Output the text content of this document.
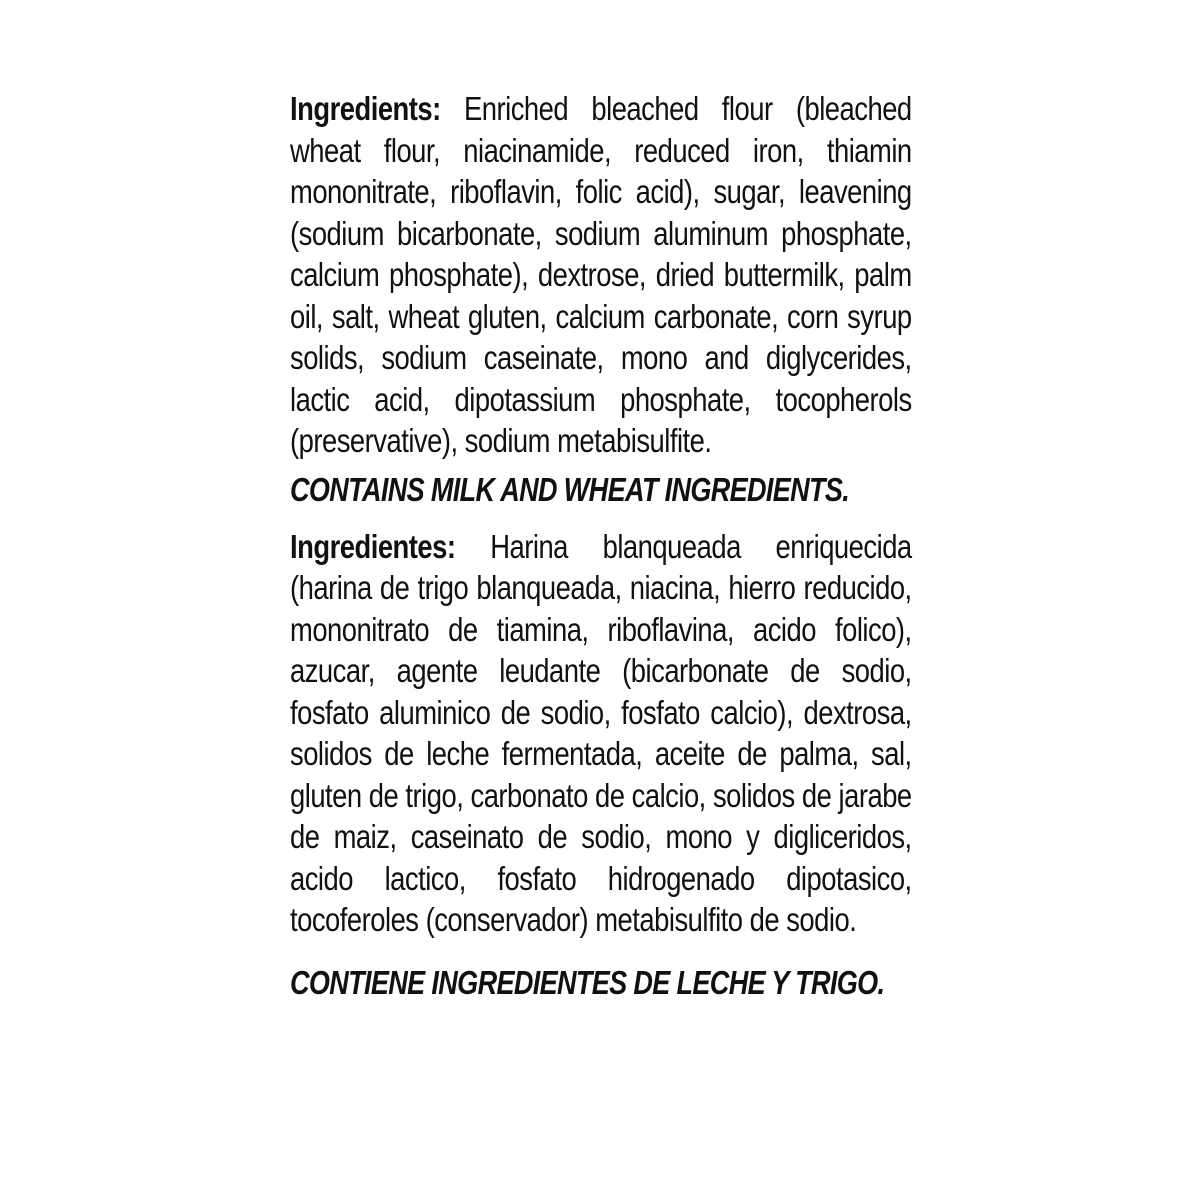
Ingredients: Enriched bleached flour (bleached wheat flour, niacinamide, reduced iron, thiamin mononitrate, riboflavin, folic acid), sugar, leavening (sodium bicarbonate, sodium aluminum phosphate, calcium phosphate), dextrose, dried buttermilk, palm oil, salt, wheat gluten, calcium carbonate, corn syrup solids, sodium caseinate, mono and diglycerides, lactic acid, dipotassium phosphate, tocopherols (preservative), sodium metabisulfite.

CONTAINS MILK AND WHEAT INGREDIENTS.

Ingredientes: Harina blanqueada enriquecida (harina de trigo blanqueada, niacina, hierro reducido, mononitrato de tiamina, riboflavina, acido folico), azucar, agente leudante (bicarbonate de sodio, fosfato aluminico de sodio, fosfato calcio), dextrosa, solidos de leche fermentada, aceite de palma, sal, gluten de trigo, carbonato de calcio, solidos de jarabe de maiz, caseinato de sodio, mono y digliceridos, acido lactico, fosfato hidrogenado dipotasico, tocoferoles (conservador) metabisulfito de sodio.

CONTIENE INGREDIENTES DE LECHE Y TRIGO.
